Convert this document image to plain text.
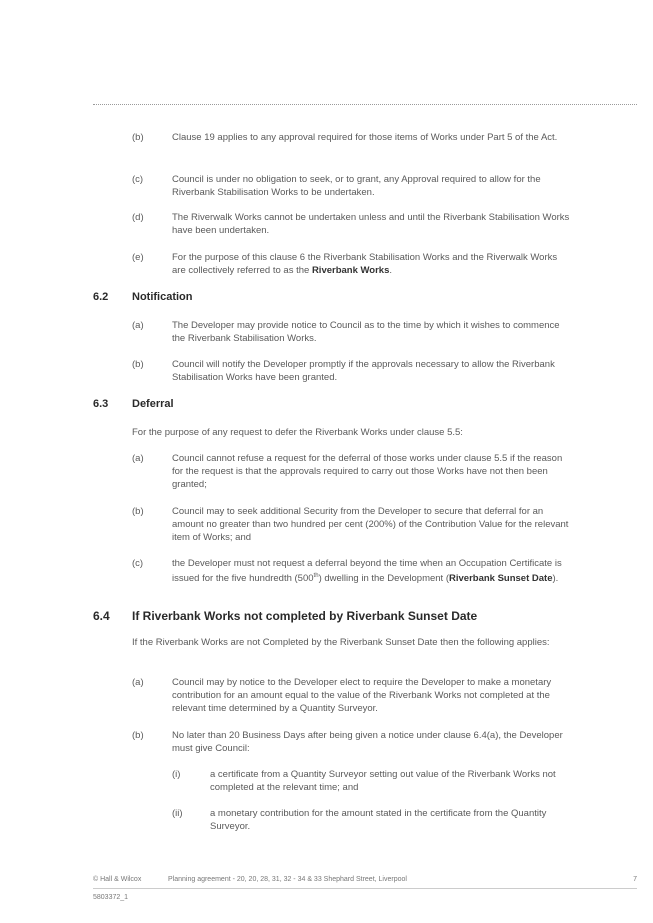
(b)	Clause 19 applies to any approval required for those items of Works under Part 5 of the Act.
(c)	Council is under no obligation to seek, or to grant, any Approval required to allow for the Riverbank Stabilisation Works to be undertaken.
(d)	The Riverwalk Works cannot be undertaken unless and until the Riverbank Stabilisation Works have been undertaken.
(e)	For the purpose of this clause 6 the Riverbank Stabilisation Works and the Riverwalk Works are collectively referred to as the Riverbank Works.
6.2 Notification
(a)	The Developer may provide notice to Council as to the time by which it wishes to commence the Riverbank Stabilisation Works.
(b)	Council will notify the Developer promptly if the approvals necessary to allow the Riverbank Stabilisation Works have been granted.
6.3 Deferral
For the purpose of any request to defer the Riverbank Works under clause 5.5:
(a)	Council cannot refuse a request for the deferral of those works under clause 5.5 if the reason for the request is that the approvals required to carry out those Works have not then been granted;
(b)	Council may to seek additional Security from the Developer to secure that deferral for an amount no greater than two hundred per cent (200%) of the Contribution Value for the relevant item of Works; and
(c)	the Developer must not request a deferral beyond the time when an Occupation Certificate is issued for the five hundredth (500th) dwelling in the Development (Riverbank Sunset Date).
6.4 If Riverbank Works not completed by Riverbank Sunset Date
If the Riverbank Works are not Completed by the Riverbank Sunset Date then the following applies:
(a)	Council may by notice to the Developer elect to require the Developer to make a monetary contribution for an amount equal to the value of the Riverbank Works not completed at the relevant time determined by a Quantity Surveyor.
(b)	No later than 20 Business Days after being given a notice under clause 6.4(a), the Developer must give Council:
(i)	a certificate from a Quantity Surveyor setting out value of the Riverbank Works not completed at the relevant time; and
(ii)	a monetary contribution for the amount stated in the certificate from the Quantity Surveyor.
© Hall & Wilcox	Planning agreement - 20, 20, 28, 31, 32 - 34 & 33 Shephard Street, Liverpool	7
5803372_1
